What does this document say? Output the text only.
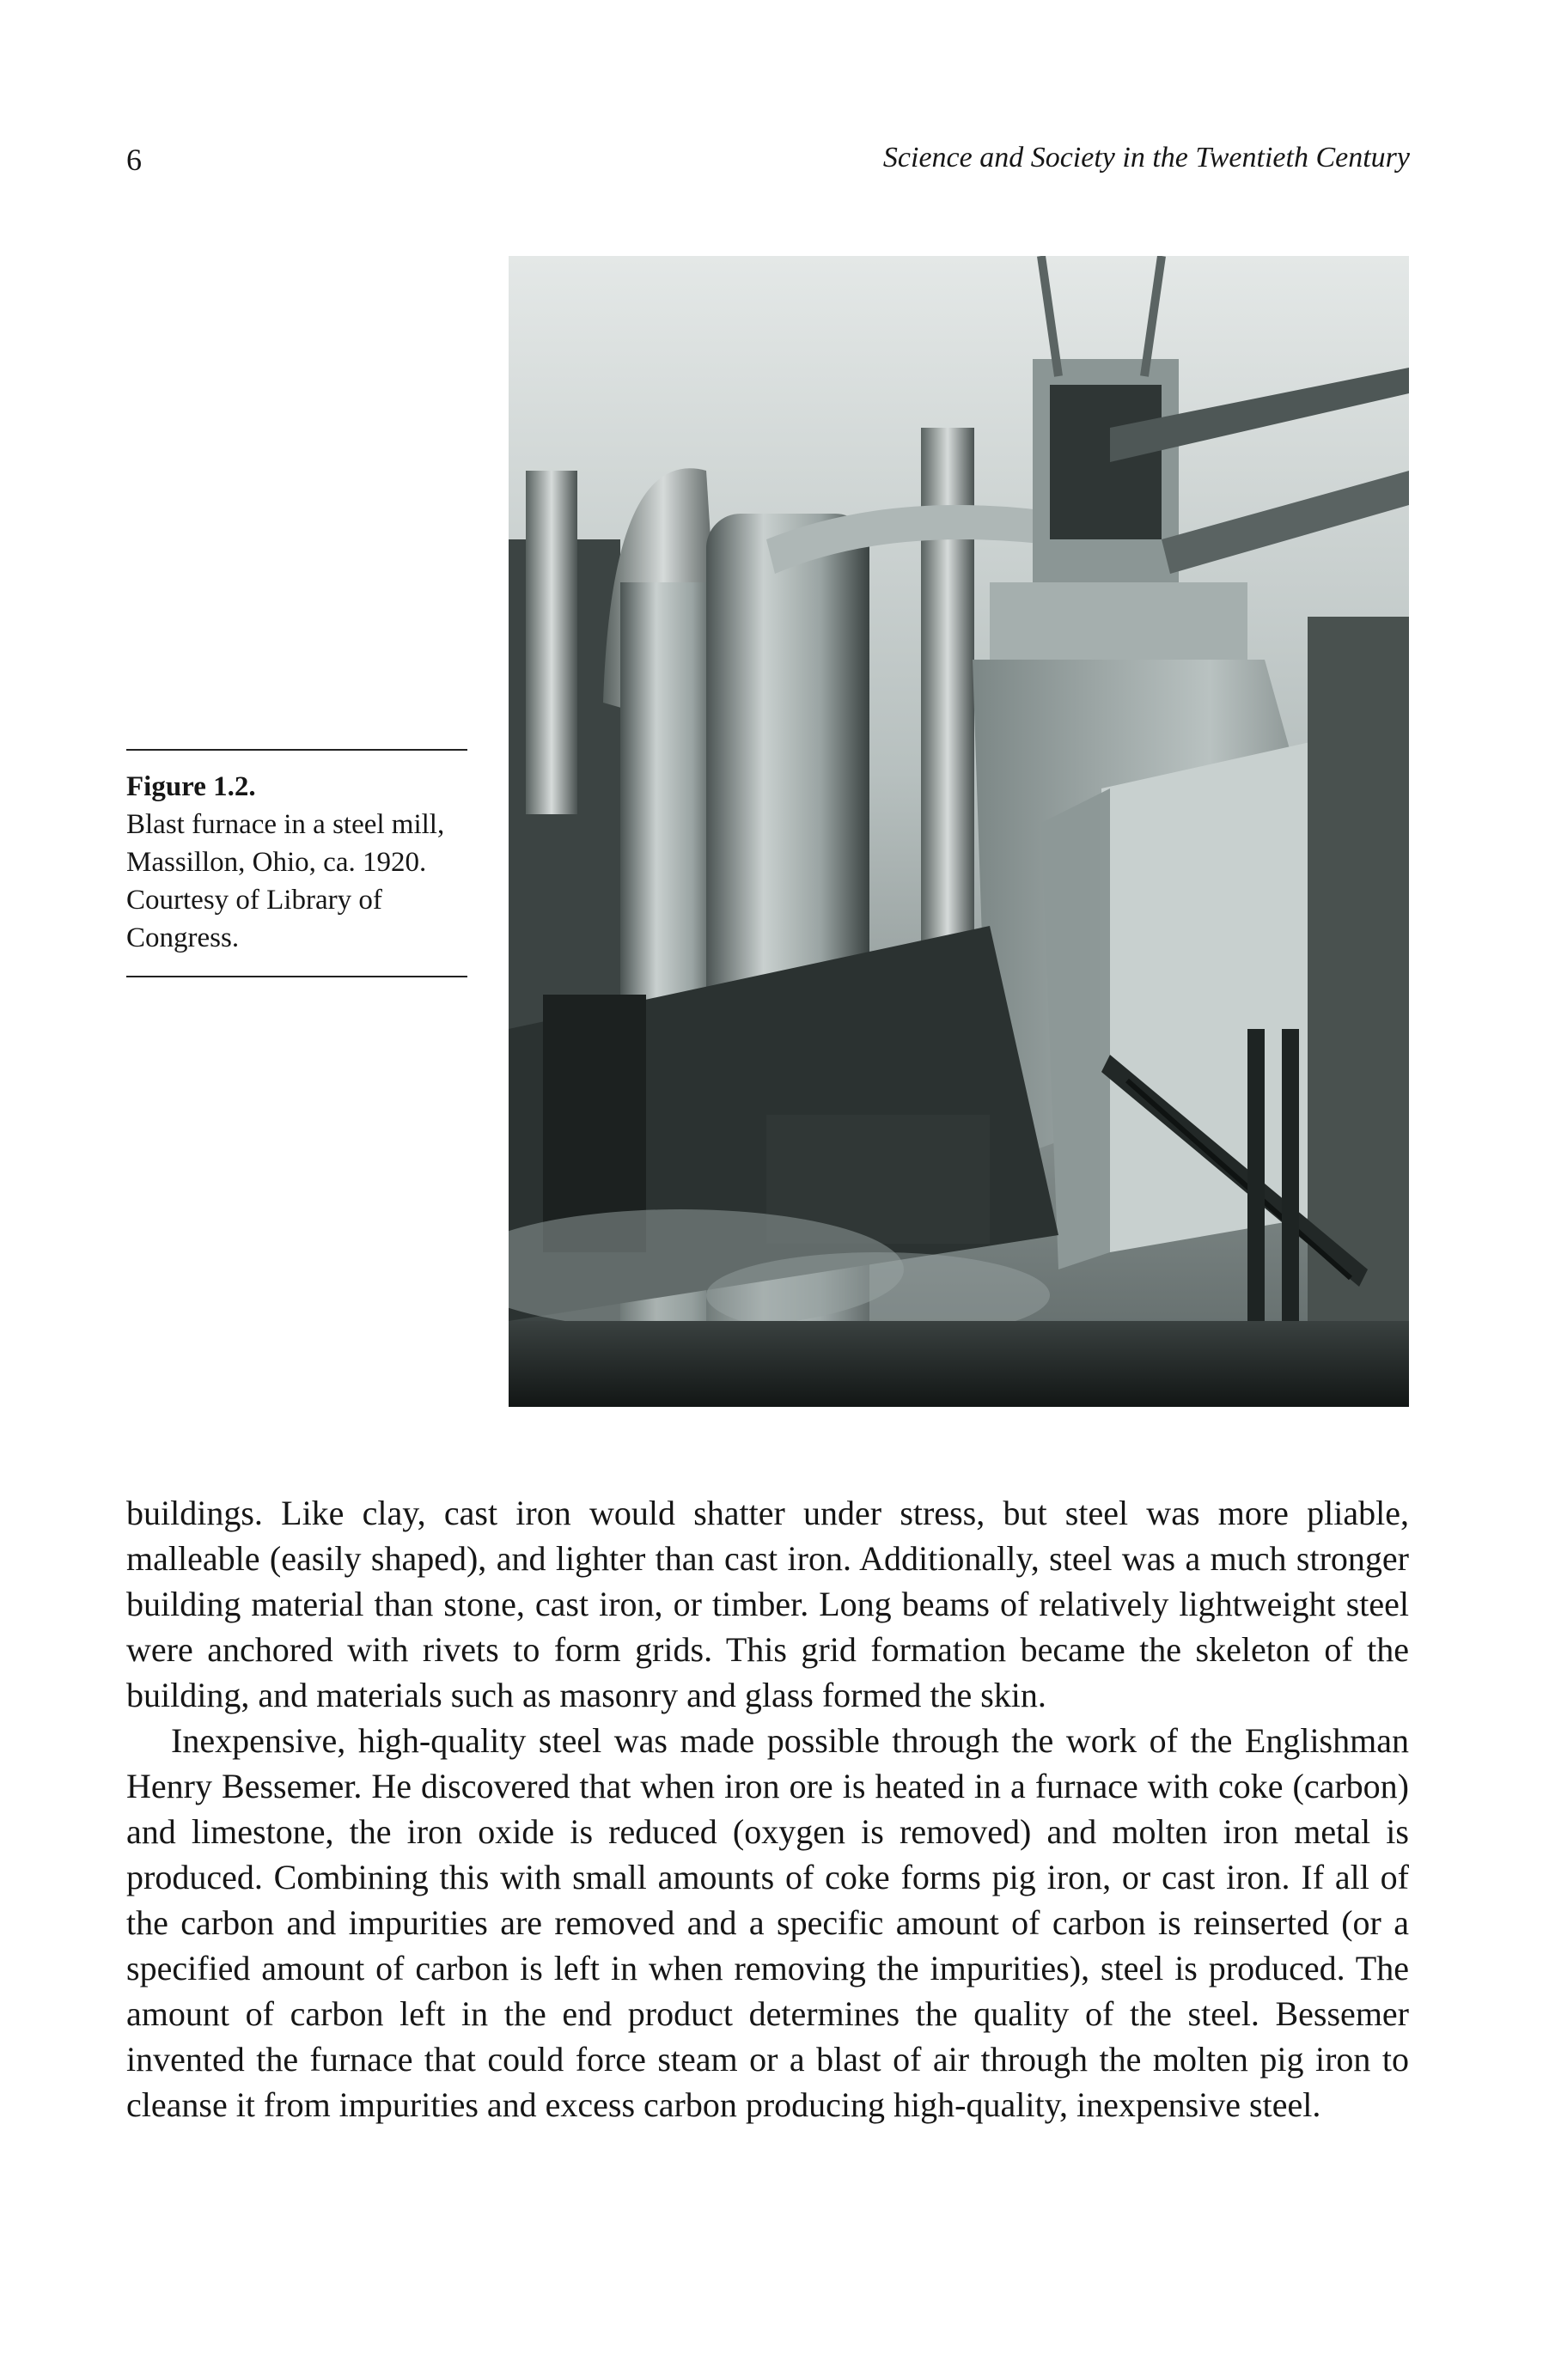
6	Science and Society in the Twentieth Century
Figure 1.2.
Blast furnace in a steel mill, Massillon, Ohio, ca. 1920. Courtesy of Library of Congress.

buildings. Like clay, cast iron would shatter under stress, but steel was more pliable, malleable (easily shaped), and lighter than cast iron. Additionally, steel was a much stronger building material than stone, cast iron, or timber. Long beams of relatively lightweight steel were anchored with rivets to form grids. This grid formation became the skeleton of the building, and materials such as masonry and glass formed the skin.

Inexpensive, high-quality steel was made possible through the work of the Englishman Henry Bessemer. He discovered that when iron ore is heated in a furnace with coke (carbon) and limestone, the iron oxide is reduced (oxygen is removed) and molten iron metal is produced. Combining this with small amounts of coke forms pig iron, or cast iron. If all of the carbon and impurities are removed and a specific amount of carbon is reinserted (or a specified amount of carbon is left in when removing the impurities), steel is produced. The amount of carbon left in the end product determines the quality of the steel. Bessemer invented the furnace that could force steam or a blast of air through the molten pig iron to cleanse it from impurities and excess carbon producing high-quality, inexpensive steel.
